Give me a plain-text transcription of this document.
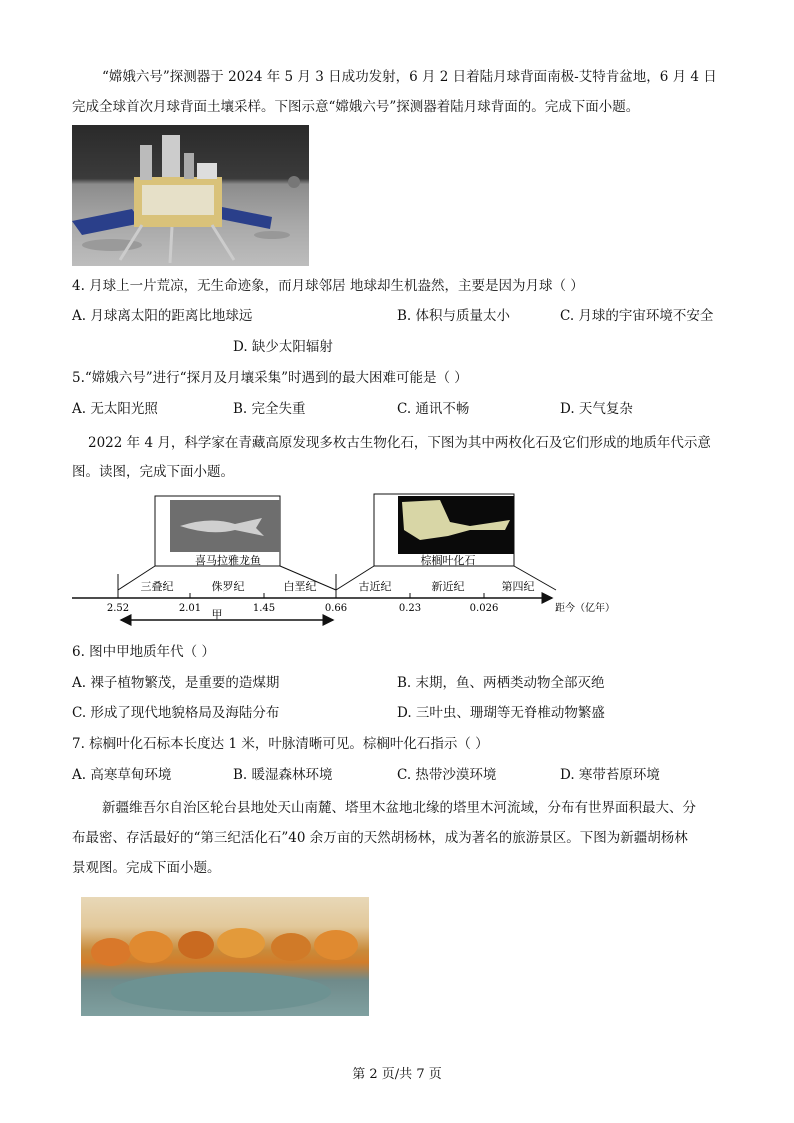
“嫦娥六号”探测器于 2024 年 5 月 3 日成功发射，6 月 2 日着陆月球背面南极-艾特肯盆地，6 月 4 日
完成全球首次月球背面土壤采样。下图示意“嫦娥六号”探测器着陆月球背面的。完成下面小题。
4. 月球上一片荒凉，无生命迹象，而月球邻居 地球却生机盎然，主要是因为月球（ ）
A. 月球离太阳的距离比地球远	B. 体积与质量太小	C. 月球的宇宙环境不安全
D. 缺少太阳辐射
5.“嫦娥六号”进行“探月及月壤采集”时遇到的最大困难可能是（ ）
A. 无太阳光照	B. 完全失重	C. 通讯不畅	D. 天气复杂
2022 年 4 月，科学家在青藏高原发现多枚古生物化石，下图为其中两枚化石及它们形成的地质年代示意
图。读图，完成下面小题。
喜马拉雅龙鱼	棕榈叶化石
三叠纪	侏罗纪	白垩纪	古近纪	新近纪	第四纪
2.52	2.01	1.45	0.66	0.23	0.026	距今（亿年）
甲
6. 图中甲地质年代（ ）
A. 裸子植物繁茂，是重要的造煤期	B. 末期，鱼、两栖类动物全部灭绝
C. 形成了现代地貌格局及海陆分布	D. 三叶虫、珊瑚等无脊椎动物繁盛
7. 棕榈叶化石标本长度达 1 米，叶脉清晰可见。棕榈叶化石指示（ ）
A. 高寒草甸环境	B. 暖湿森林环境	C. 热带沙漠环境	D. 寒带苔原环境
新疆维吾尔自治区轮台县地处天山南麓、塔里木盆地北缘的塔里木河流域，分布有世界面积最大、分
布最密、存活最好的“第三纪活化石”40 余万亩的天然胡杨林，成为著名的旅游景区。下图为新疆胡杨林
景观图。完成下面小题。
第 2 页/共 7 页
